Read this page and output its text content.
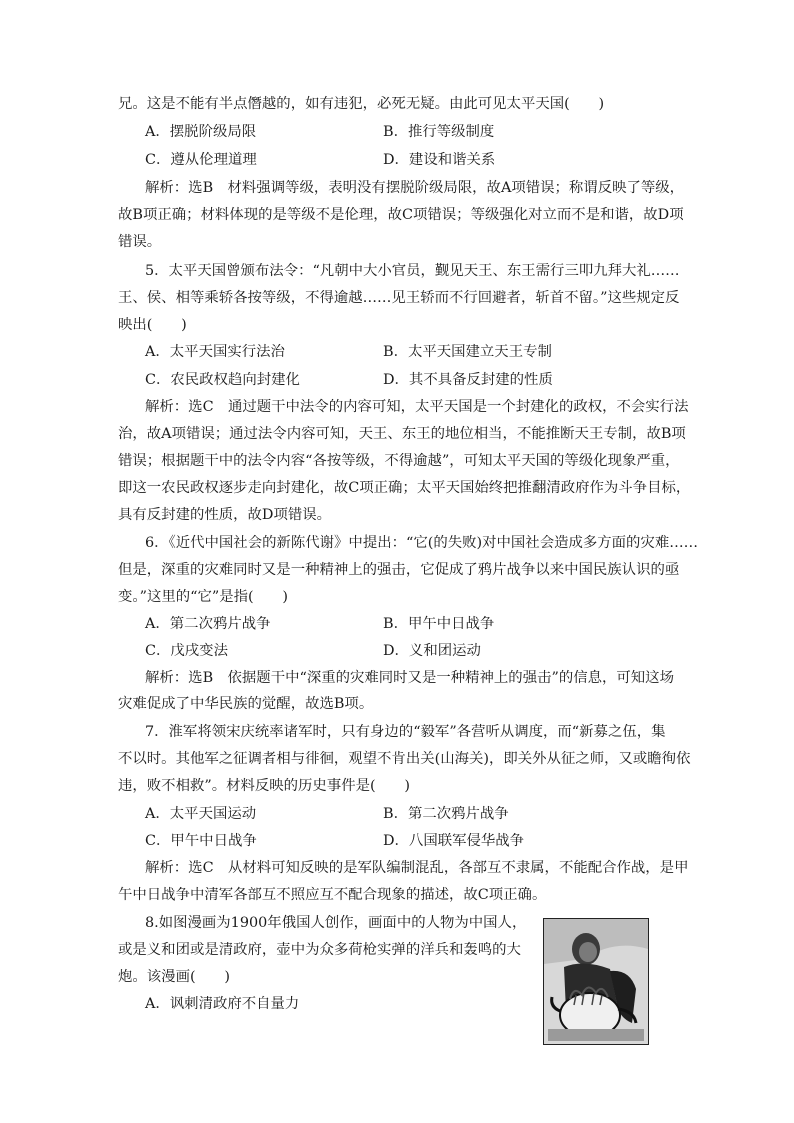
兄。这是不能有半点僭越的，如有违犯，必死无疑。由此可见太平天国(　　)
A．摆脱阶级局限	B．推行等级制度
C．遵从伦理道理	D．建设和谐关系
解析：选B　材料强调等级，表明没有摆脱阶级局限，故A项错误；称谓反映了等级，
故B项正确；材料体现的是等级不是伦理，故C项错误；等级强化对立而不是和谐，故D项
错误。
5．太平天国曾颁布法令：“凡朝中大小官员，觐见天王、东王需行三叩九拜大礼……
王、侯、相等乘轿各按等级，不得逾越……见王轿而不行回避者，斩首不留。”这些规定反
映出(　　)
A．太平天国实行法治	B．太平天国建立天王专制
C．农民政权趋向封建化	D．其不具备反封建的性质
解析：选C　通过题干中法令的内容可知，太平天国是一个封建化的政权，不会实行法
治，故A项错误；通过法令内容可知，天王、东王的地位相当，不能推断天王专制，故B项
错误；根据题干中的法令内容“各按等级，不得逾越”，可知太平天国的等级化现象严重，
即这一农民政权逐步走向封建化，故C项正确；太平天国始终把推翻清政府作为斗争目标，
具有反封建的性质，故D项错误。
6．《近代中国社会的新陈代谢》中提出：“它(的失败)对中国社会造成多方面的灾难……
但是，深重的灾难同时又是一种精神上的强击，它促成了鸦片战争以来中国民族认识的亟
变。”这里的“它”是指(　　)
A．第二次鸦片战争	B．甲午中日战争
C．戊戌变法	D．义和团运动
解析：选B　依据题干中“深重的灾难同时又是一种精神上的强击”的信息，可知这场
灾难促成了中华民族的觉醒，故选B项。
7．淮军将领宋庆统率诸军时，只有身边的“毅军”各营听从调度，而“新募之伍，集
不以时。其他军之征调者相与徘徊，观望不肯出关(山海关)，即关外从征之师，又或瞻徇依
违，败不相救”。材料反映的历史事件是(　　)
A．太平天国运动	B．第二次鸦片战争
C．甲午中日战争	D．八国联军侵华战争
解析：选C　从材料可知反映的是军队编制混乱，各部互不隶属，不能配合作战，是甲
午中日战争中清军各部互不照应互不配合现象的描述，故C项正确。
8.如图漫画为1900年俄国人创作，画面中的人物为中国人，
或是义和团或是清政府，壶中为众多荷枪实弹的洋兵和轰鸣的大
炮。该漫画(　　)
A．讽刺清政府不自量力
